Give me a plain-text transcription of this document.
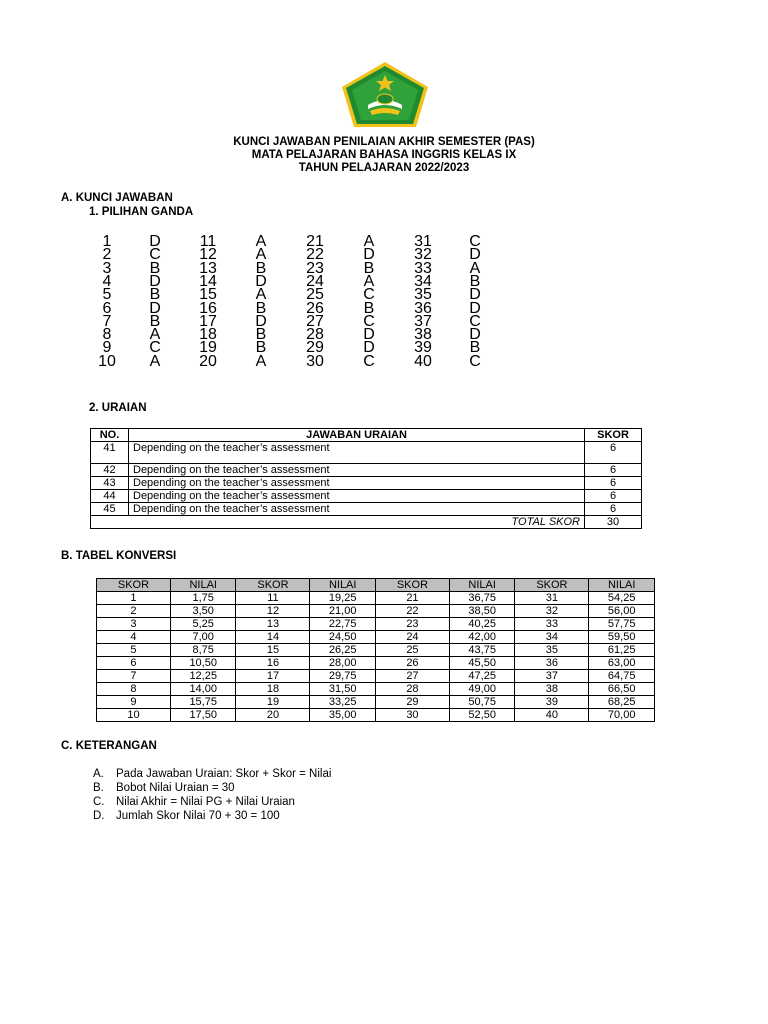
KUNCI JAWABAN PENILAIAN AKHIR SEMESTER (PAS)
MATA PELAJARAN BAHASA INGGRIS KELAS IX
TAHUN PELAJARAN 2022/2023
A. KUNCI JAWABAN
1. PILIHAN GANDA
1	D	11	A	21	A	31	C
2	C	12	A	22	D	32	D
3	B	13	B	23	B	33	A
4	D	14	D	24	A	34	B
5	B	15	A	25	C	35	D
6	D	16	B	26	B	36	D
7	B	17	D	27	C	37	C
8	A	18	B	28	D	38	D
9	C	19	B	29	D	39	B
10	A	20	A	30	C	40	C
2. URAIAN
NO.	JAWABAN URAIAN	SKOR
41	Depending on the teacher’s assessment	6
42	Depending on the teacher’s assessment	6
43	Depending on the teacher’s assessment	6
44	Depending on the teacher’s assessment	6
45	Depending on the teacher’s assessment	6
TOTAL SKOR		30
B. TABEL KONVERSI
SKOR	NILAI	SKOR	NILAI	SKOR	NILAI	SKOR	NILAI
1	1,75	11	19,25	21	36,75	31	54,25
2	3,50	12	21,00	22	38,50	32	56,00
3	5,25	13	22,75	23	40,25	33	57,75
4	7,00	14	24,50	24	42,00	34	59,50
5	8,75	15	26,25	25	43,75	35	61,25
6	10,50	16	28,00	26	45,50	36	63,00
7	12,25	17	29,75	27	47,25	37	64,75
8	14,00	18	31,50	28	49,00	38	66,50
9	15,75	19	33,25	29	50,75	39	68,25
10	17,50	20	35,00	30	52,50	40	70,00
C. KETERANGAN
A. Pada Jawaban Uraian: Skor + Skor = Nilai
B. Bobot Nilai Uraian = 30
C. Nilai Akhir = Nilai PG + Nilai Uraian
D. Jumlah Skor Nilai 70 + 30 = 100
